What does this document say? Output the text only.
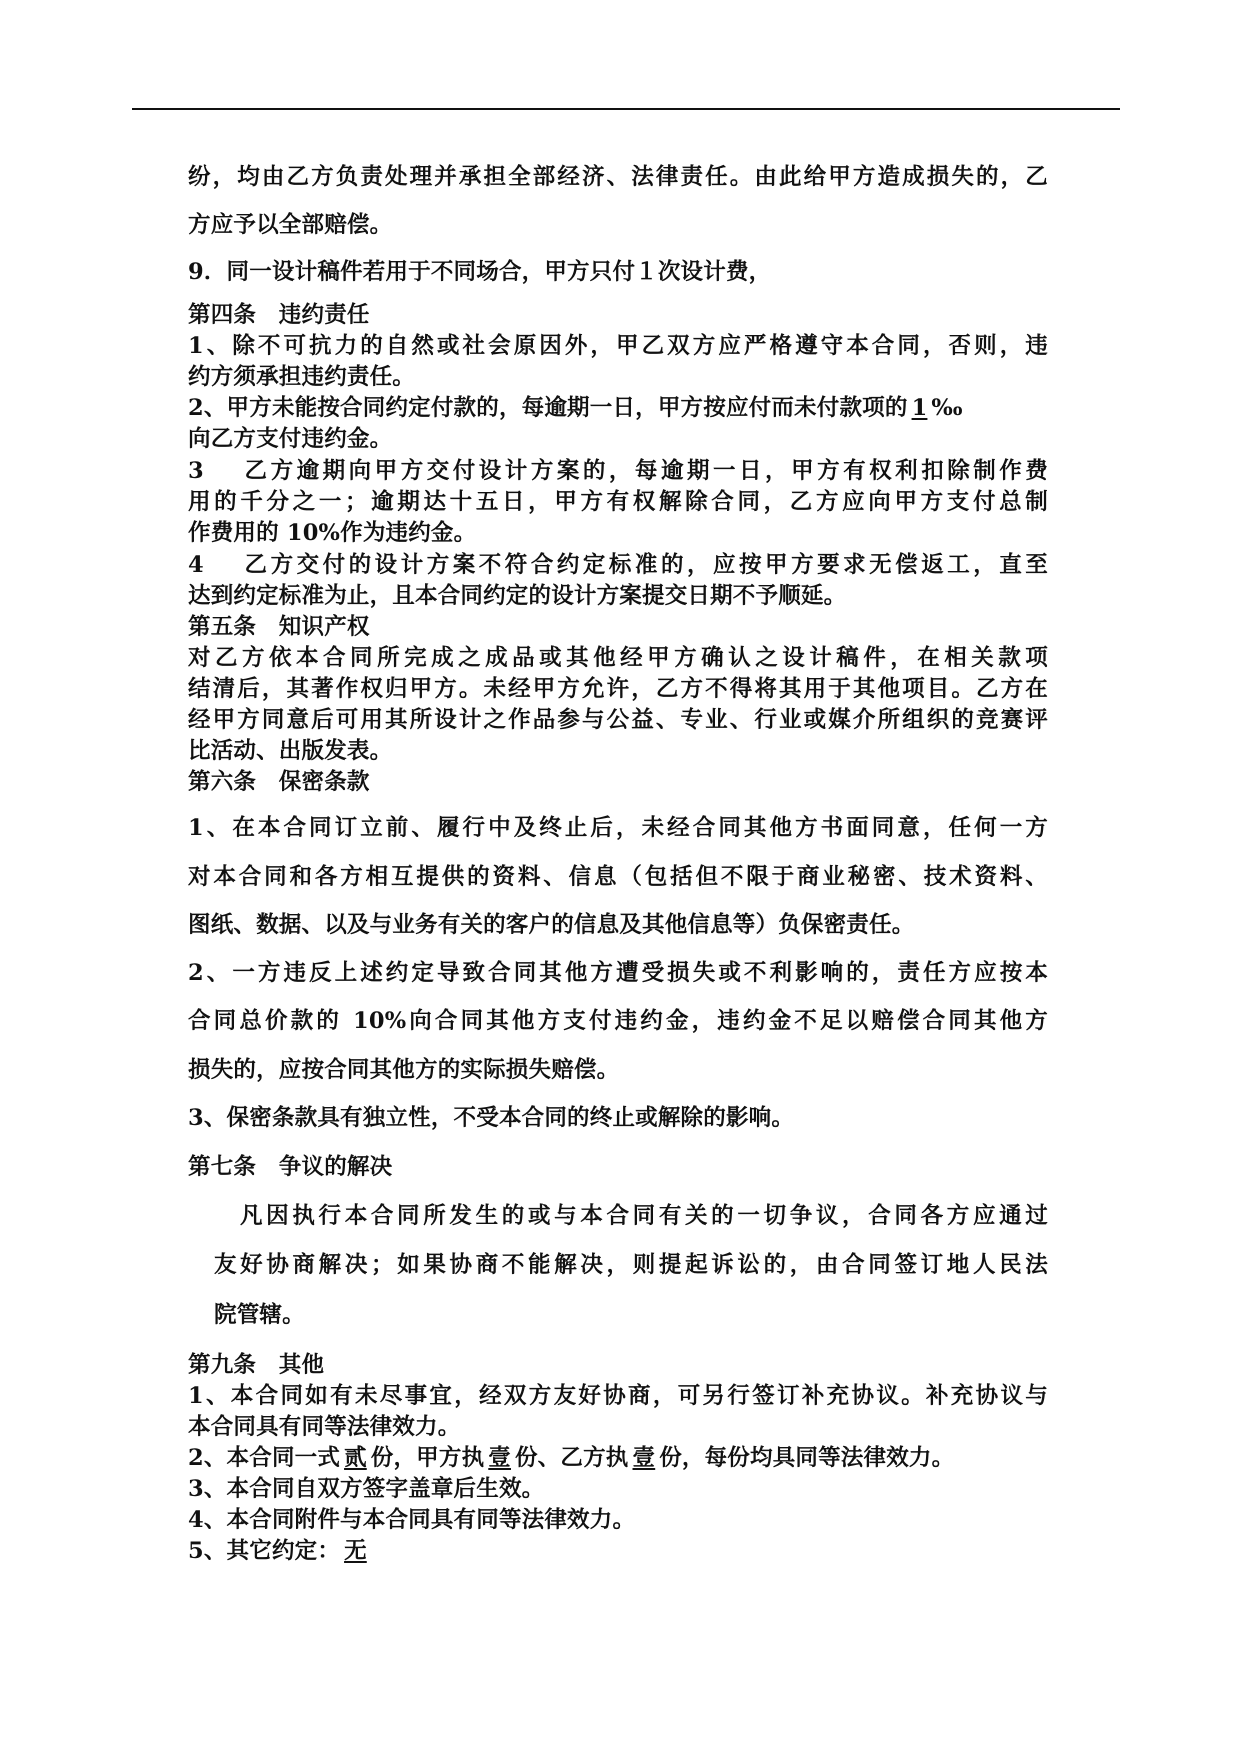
纷，均由乙方负责处理并承担全部经济、法律责任。由此给甲方造成损失的，乙
方应予以全部赔偿。
9．同一设计稿件若用于不同场合，甲方只付１次设计费，
第四条　违约责任
1、除不可抗力的自然或社会原因外，甲乙双方应严格遵守本合同，否则，违
约方须承担违约责任。
2、甲方未能按合同约定付款的，每逾期一日，甲方按应付而未付款项的 1 ‰
向乙方支付违约金。
3　 乙方逾期向甲方交付设计方案的，每逾期一日，甲方有权利扣除制作费
用的千分之一；逾期达十五日，甲方有权解除合同，乙方应向甲方支付总制
作费用的 10%作为违约金。
4　 乙方交付的设计方案不符合约定标准的，应按甲方要求无偿返工，直至
达到约定标准为止，且本合同约定的设计方案提交日期不予顺延。
第五条　知识产权
对乙方依本合同所完成之成品或其他经甲方确认之设计稿件，在相关款项
结清后，其著作权归甲方。未经甲方允许，乙方不得将其用于其他项目。乙方在
经甲方同意后可用其所设计之作品参与公益、专业、行业或媒介所组织的竞赛评
比活动、出版发表。
第六条　保密条款
1、在本合同订立前、履行中及终止后，未经合同其他方书面同意，任何一方
对本合同和各方相互提供的资料、信息（包括但不限于商业秘密、技术资料、
图纸、数据、以及与业务有关的客户的信息及其他信息等）负保密责任。
2、一方违反上述约定导致合同其他方遭受损失或不利影响的，责任方应按本
合同总价款的 10%向合同其他方支付违约金，违约金不足以赔偿合同其他方
损失的，应按合同其他方的实际损失赔偿。
3、保密条款具有独立性，不受本合同的终止或解除的影响。
第七条　争议的解决
凡因执行本合同所发生的或与本合同有关的一切争议，合同各方应通过
友好协商解决；如果协商不能解决，则提起诉讼的，由合同签订地人民法
院管辖。
第九条　其他
1、本合同如有未尽事宜，经双方友好协商，可另行签订补充协议。补充协议与
本合同具有同等法律效力。
2、本合同一式 贰 份，甲方执 壹 份、乙方执 壹 份，每份均具同等法律效力。
3、本合同自双方签字盖章后生效。
4、本合同附件与本合同具有同等法律效力。
5、其它约定： 无
